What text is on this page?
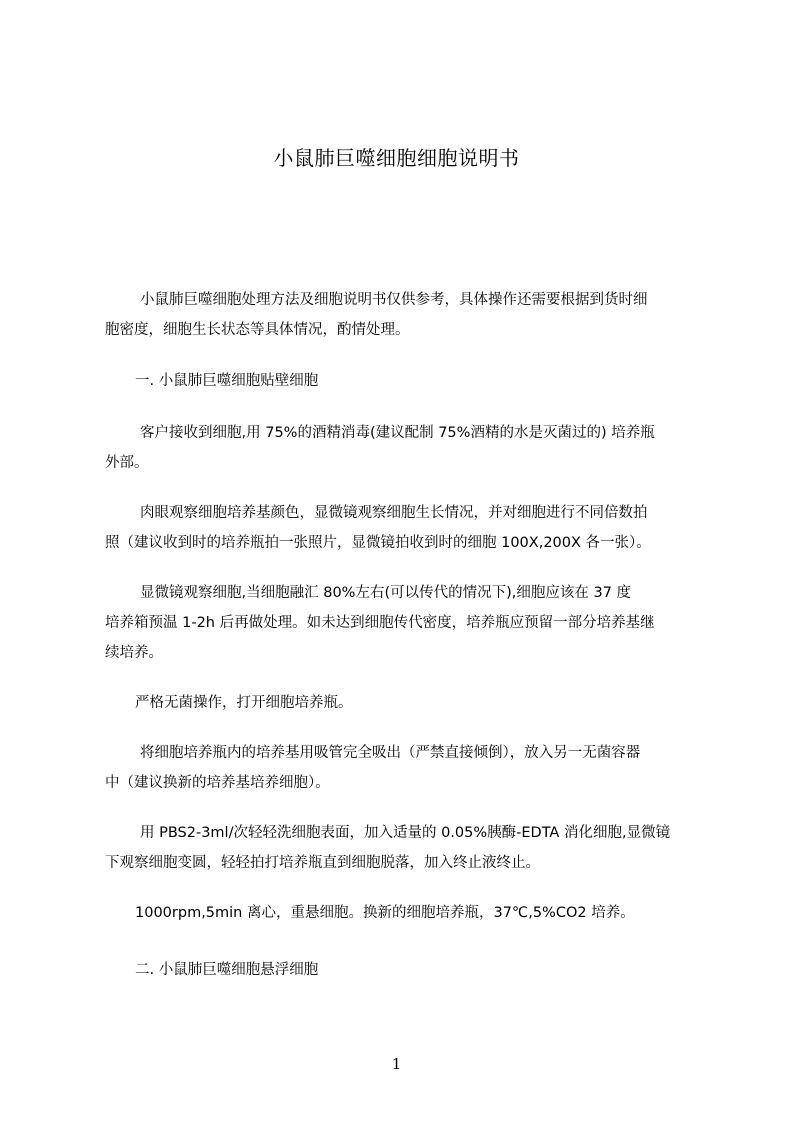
小鼠肺巨噬细胞细胞说明书
小鼠肺巨噬细胞处理方法及细胞说明书仅供参考，具体操作还需要根据到货时细
胞密度，细胞生长状态等具体情况，酌情处理。
一. 小鼠肺巨噬细胞贴壁细胞
客户接收到细胞,用 75%的酒精消毒(建议配制 75%酒精的水是灭菌过的) 培养瓶
外部。
肉眼观察细胞培养基颜色，显微镜观察细胞生长情况，并对细胞进行不同倍数拍
照（建议收到时的培养瓶拍一张照片，显微镜拍收到时的细胞 100X,200X 各一张）。
显微镜观察细胞,当细胞融汇 80%左右(可以传代的情况下),细胞应该在 37 度
培养箱预温 1-2h 后再做处理。如未达到细胞传代密度，培养瓶应预留一部分培养基继
续培养。
严格无菌操作，打开细胞培养瓶。
将细胞培养瓶内的培养基用吸管完全吸出（严禁直接倾倒），放入另一无菌容器
中（建议换新的培养基培养细胞）。
用 PBS2-3ml/次轻轻洗细胞表面，加入适量的 0.05%胰酶-EDTA 消化细胞,显微镜
下观察细胞变圆，轻轻拍打培养瓶直到细胞脱落，加入终止液终止。
1000rpm,5min 离心，重悬细胞。换新的细胞培养瓶，37℃,5%CO2 培养。
二. 小鼠肺巨噬细胞悬浮细胞
1
